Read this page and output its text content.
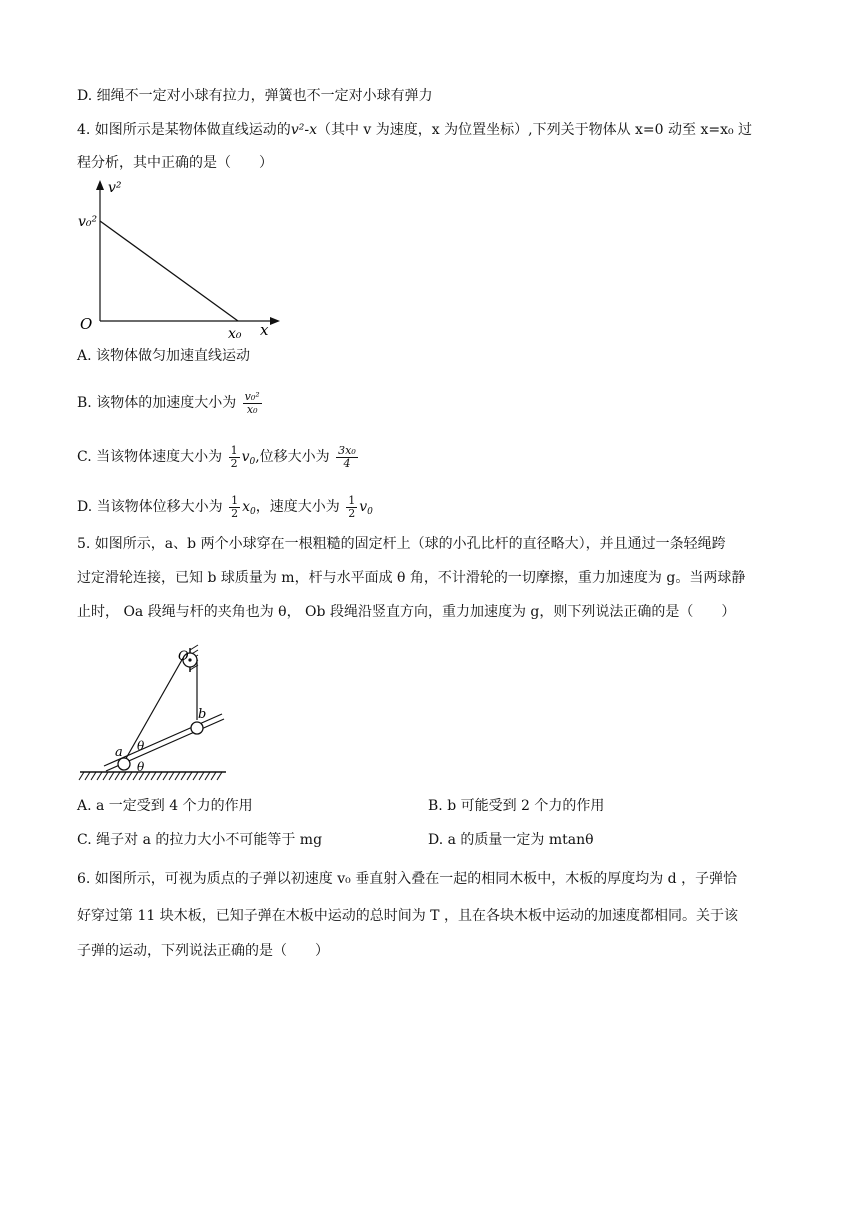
D. 细绳不一定对小球有拉力，弹簧也不一定对小球有弹力
4. 如图所示是某物体做直线运动的v²-x（其中 v 为速度，x 为位置坐标）,下列关于物体从 x=0 动至 x=x₀ 过
程分析，其中正确的是（　　）
v²
v₀²
O
x₀ x
A. 该物体做匀加速直线运动
B. 该物体的加速度大小为 $\frac{\text{v₀²}}{\text{x₀}}$
C. 当该物体速度大小为 $\frac{1}{2} v_0$,位移大小为 $\frac{\text{3x₀}}{4}$
D. 当该物体位移大小为 $\frac{1}{2} x_0$，速度大小为 $\frac{1}{2} v_0$
5. 如图所示，a、b 两个小球穿在一根粗糙的固定杆上（球的小孔比杆的直径略大），并且通过一条轻绳跨
过定滑轮连接，已知 b 球质量为 m，杆与水平面成 θ 角，不计滑轮的一切摩擦，重力加速度为 g。当两球静
止时， Oa 段绳与杆的夹角也为 θ， Ob 段绳沿竖直方向，重力加速度为 g，则下列说法正确的是（　　）
O
a
b
θ
θ
A. a 一定受到 4 个力的作用	B. b 可能受到 2 个力的作用
C. 绳子对 a 的拉力大小不可能等于 mg	D. a 的质量一定为 mtanθ
6. 如图所示，可视为质点的子弹以初速度 v₀ 垂直射入叠在一起的相同木板中，木板的厚度均为 d ，子弹恰
好穿过第 11 块木板，已知子弹在木板中运动的总时间为 T ，且在各块木板中运动的加速度都相同。关于该
子弹的运动，下列说法正确的是（　　）
